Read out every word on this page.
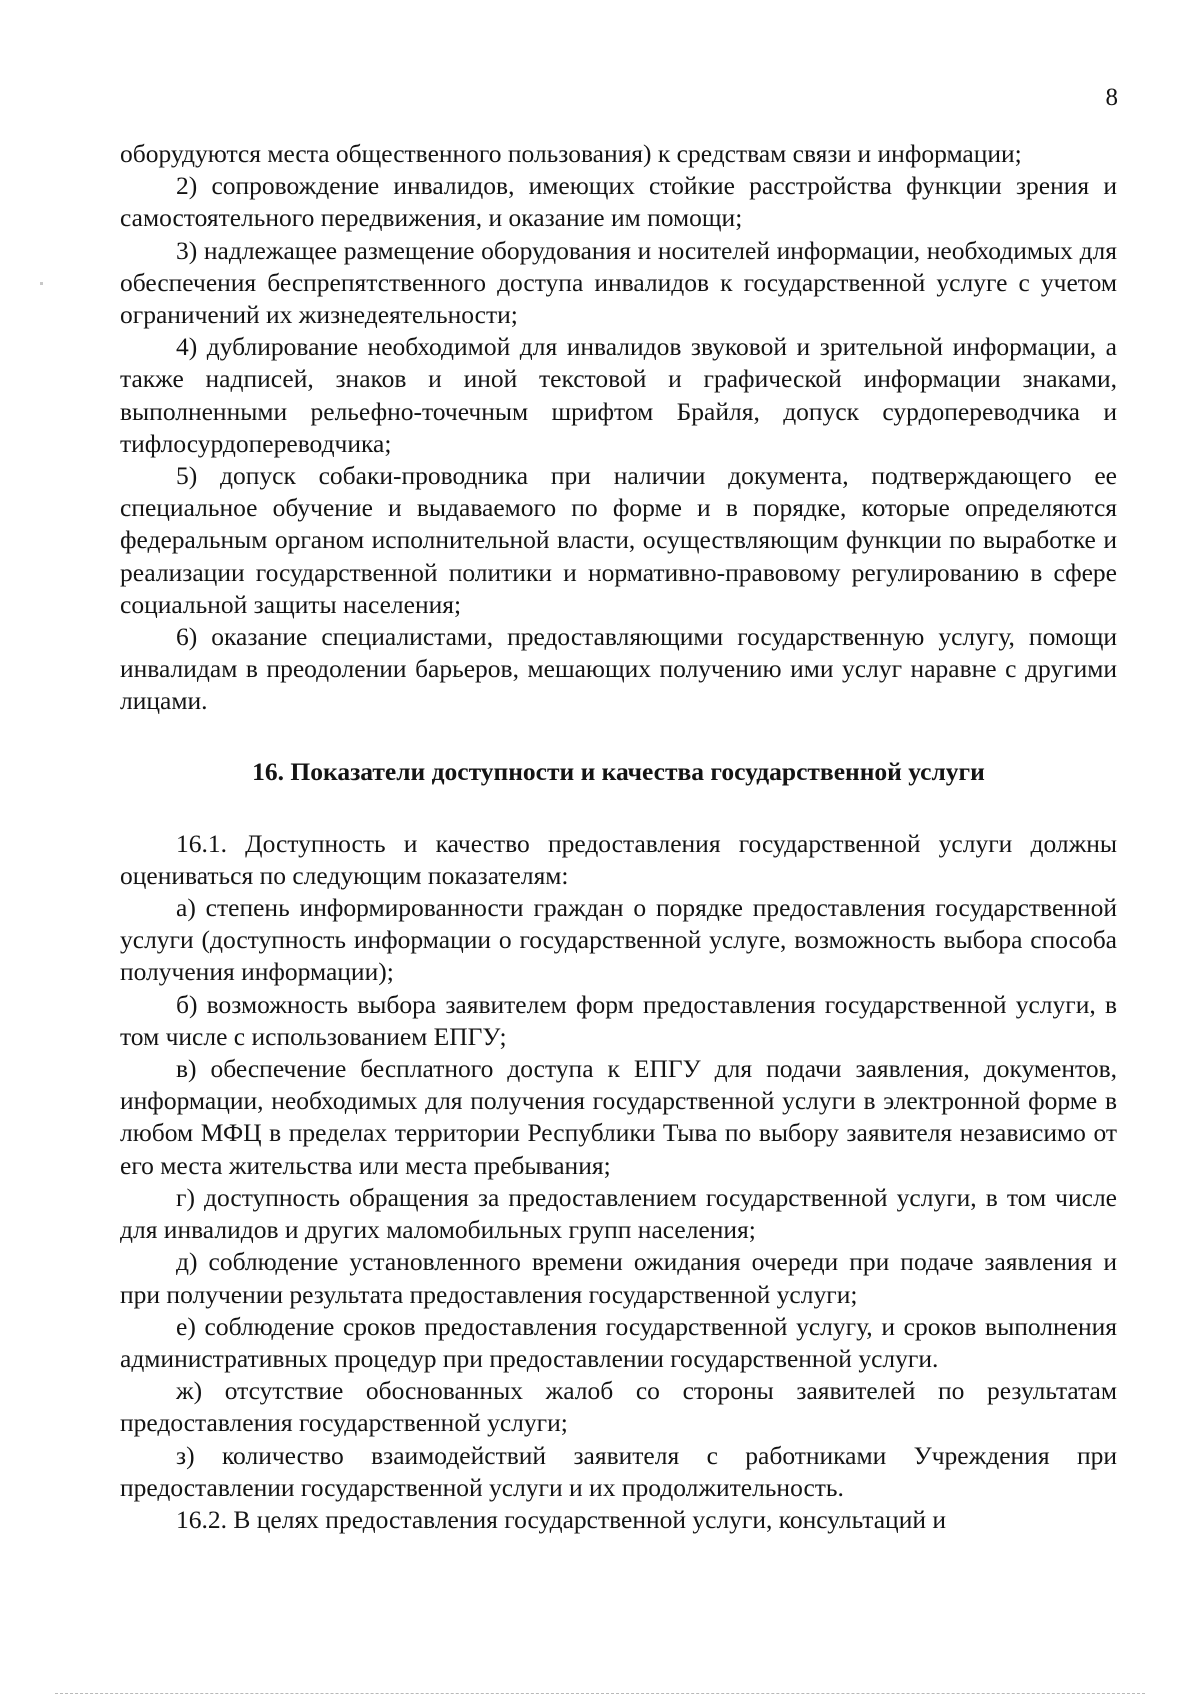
8

оборудуются места общественного пользования) к средствам связи и информации;

2) сопровождение инвалидов, имеющих стойкие расстройства функции зрения и самостоятельного передвижения, и оказание им помощи;

3) надлежащее размещение оборудования и носителей информации, необходимых для обеспечения беспрепятственного доступа инвалидов к государственной услуге с учетом ограничений их жизнедеятельности;

4) дублирование необходимой для инвалидов звуковой и зрительной информации, а также надписей, знаков и иной текстовой и графической информации знаками, выполненными рельефно-точечным шрифтом Брайля, допуск сурдопереводчика и тифлосурдопереводчика;

5) допуск собаки-проводника при наличии документа, подтверждающего ее специальное обучение и выдаваемого по форме и в порядке, которые определяются федеральным органом исполнительной власти, осуществляющим функции по выработке и реализации государственной политики и нормативно-правовому регулированию в сфере социальной защиты населения;

6) оказание специалистами, предоставляющими государственную услугу, помощи инвалидам в преодолении барьеров, мешающих получению ими услуг наравне с другими лицами.

16. Показатели доступности и качества государственной услуги

16.1. Доступность и качество предоставления государственной услуги должны оцениваться по следующим показателям:

а) степень информированности граждан о порядке предоставления государственной услуги (доступность информации о государственной услуге, возможность выбора способа получения информации);

б) возможность выбора заявителем форм предоставления государственной услуги, в том числе с использованием ЕПГУ;

в) обеспечение бесплатного доступа к ЕПГУ для подачи заявления, документов, информации, необходимых для получения государственной услуги в электронной форме в любом МФЦ в пределах территории Республики Тыва по выбору заявителя независимо от его места жительства или места пребывания;

г) доступность обращения за предоставлением государственной услуги, в том числе для инвалидов и других маломобильных групп населения;

д) соблюдение установленного времени ожидания очереди при подаче заявления и при получении результата предоставления государственной услуги;

е) соблюдение сроков предоставления государственной услугу, и сроков выполнения административных процедур при предоставлении государственной услуги.

ж) отсутствие обоснованных жалоб со стороны заявителей по результатам предоставления государственной услуги;

з) количество взаимодействий заявителя с работниками Учреждения при предоставлении государственной услуги и их продолжительность.

16.2. В целях предоставления государственной услуги, консультаций и
